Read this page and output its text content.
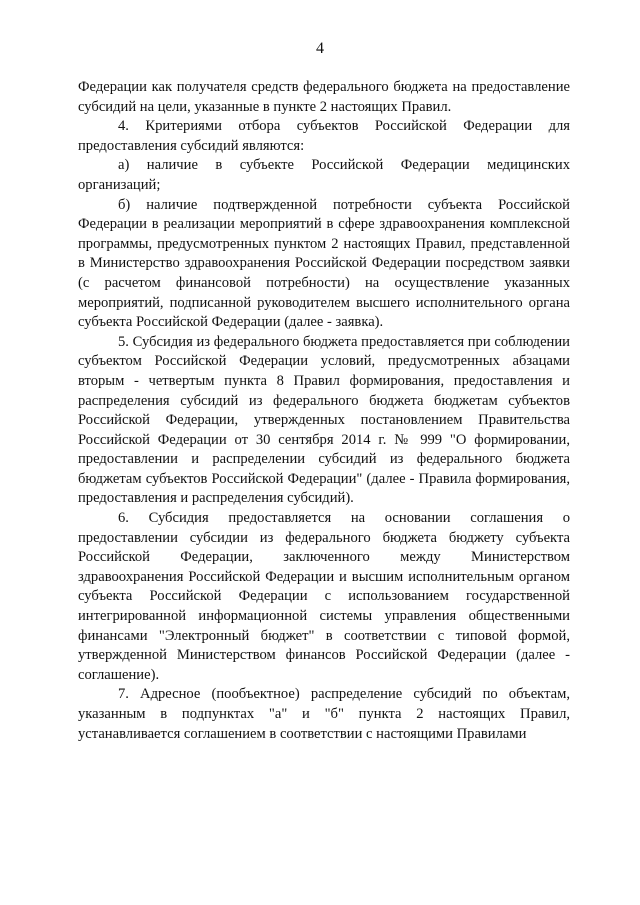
4

Федерации как получателя средств федерального бюджета на предоставление субсидий на цели, указанные в пункте 2 настоящих Правил.

4. Критериями отбора субъектов Российской Федерации для предоставления субсидий являются:

а) наличие в субъекте Российской Федерации медицинских организаций;

б) наличие подтвержденной потребности субъекта Российской Федерации в реализации мероприятий в сфере здравоохранения комплексной программы, предусмотренных пунктом 2 настоящих Правил, представленной в Министерство здравоохранения Российской Федерации посредством заявки (с расчетом финансовой потребности) на осуществление указанных мероприятий, подписанной руководителем высшего исполнительного органа субъекта Российской Федерации (далее - заявка).

5. Субсидия из федерального бюджета предоставляется при соблюдении субъектом Российской Федерации условий, предусмотренных абзацами вторым - четвертым пункта 8 Правил формирования, предоставления и распределения субсидий из федерального бюджета бюджетам субъектов Российской Федерации, утвержденных постановлением Правительства Российской Федерации от 30 сентября 2014 г. № 999 "О формировании, предоставлении и распределении субсидий из федерального бюджета бюджетам субъектов Российской Федерации" (далее - Правила формирования, предоставления и распределения субсидий).

6. Субсидия предоставляется на основании соглашения о предоставлении субсидии из федерального бюджета бюджету субъекта Российской Федерации, заключенного между Министерством здравоохранения Российской Федерации и высшим исполнительным органом субъекта Российской Федерации с использованием государственной интегрированной информационной системы управления общественными финансами "Электронный бюджет" в соответствии с типовой формой, утвержденной Министерством финансов Российской Федерации (далее - соглашение).

7. Адресное (пообъектное) распределение субсидий по объектам, указанным в подпунктах "а" и "б" пункта 2 настоящих Правил, устанавливается соглашением в соответствии с настоящими Правилами
